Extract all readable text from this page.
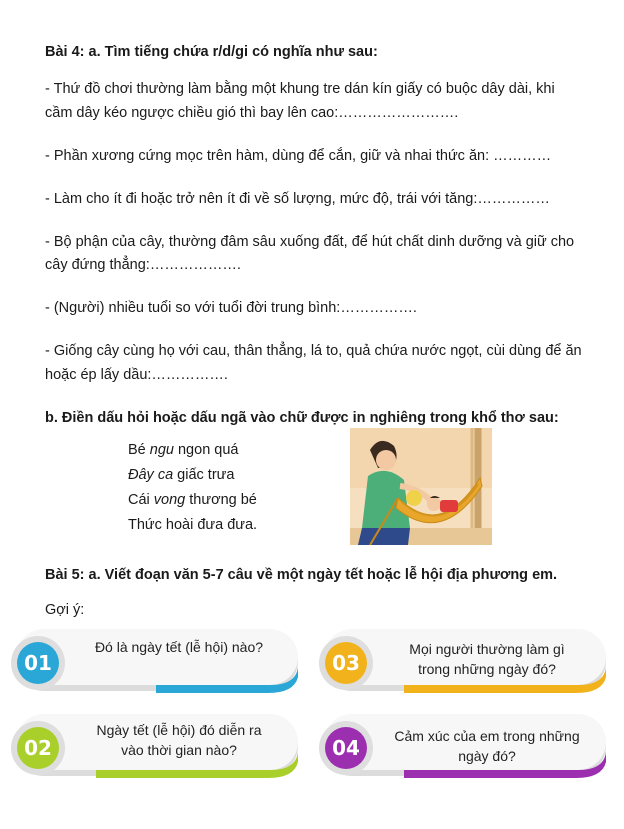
Bài 4: a. Tìm tiếng chứa r/d/gi có nghĩa như sau:
- Thứ đồ chơi thường làm bằng một khung tre dán kín giấy có buộc dây dài, khi
cầm dây kéo ngược chiều gió thì bay lên cao:…………………….
- Phần xương cứng mọc trên hàm, dùng để cắn, giữ và nhai thức ăn: …………
- Làm cho ít đi hoặc trở nên ít đi về số lượng, mức độ, trái với tăng:……………
- Bộ phận của cây, thường đâm sâu xuống đất, để hút chất dinh dưỡng và giữ cho
cây đứng thẳng:……………….
- (Người) nhiều tuổi so với tuổi đời trung bình:…………….
- Giống cây cùng họ với cau, thân thẳng, lá to, quả chứa nước ngọt, cùi dùng để ăn
hoặc ép lấy dầu:…………….
b. Điền dấu hỏi hoặc dấu ngã vào chữ được in nghiêng trong khổ thơ sau:
Bé ngu ngon quá
Đây ca giấc trưa
Cái vong thương bé
Thức hoài đưa đưa.
Bài 5: a. Viết đoạn văn 5-7 câu về một ngày tết hoặc lễ hội địa phương em.
Gợi ý:
01
Đó là ngày tết (lễ hội) nào?
03
Mọi người thường làm gì
trong những ngày đó?
02
Ngày tết (lễ hội) đó diễn ra
vào thời gian nào?	04	Cảm xúc của em trong những
ngày đó?
